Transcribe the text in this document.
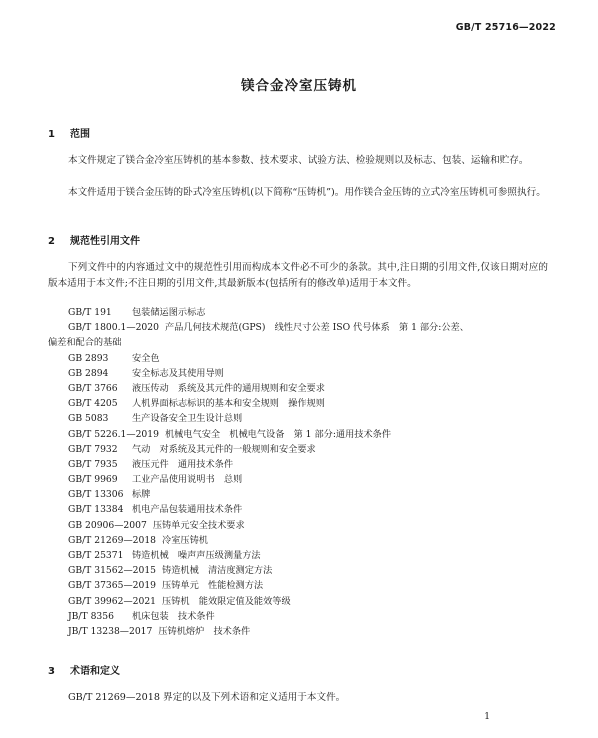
GB/T 25716—2022
镁合金冷室压铸机
1 范围
本文件规定了镁合金冷室压铸机的基本参数、技术要求、试验方法、检验规则以及标志、包装、运输和贮存。
本文件适用于镁合金压铸的卧式冷室压铸机(以下简称“压铸机”)。用作镁合金压铸的立式冷室压铸机可参照执行。
2 规范性引用文件
下列文件中的内容通过文中的规范性引用而构成本文件必不可少的条款。其中,注日期的引用文件,仅该日期对应的版本适用于本文件;不注日期的引用文件,其最新版本(包括所有的修改单)适用于本文件。
GB/T 191 包装储运图示标志
GB/T 1800.1—2020 产品几何技术规范(GPS)　线性尺寸公差 ISO 代号体系　第 1 部分:公差、
偏差和配合的基础
GB 2893	安全色
GB 2894	安全标志及其使用导则
GB/T 3766 液压传动　系统及其元件的通用规则和安全要求
GB/T 4205 人机界面标志标识的基本和安全规则　操作规则
GB 5083	生产设备安全卫生设计总则
GB/T 5226.1—2019 机械电气安全　机械电气设备　第 1 部分:通用技术条件
GB/T 7932 气动　对系统及其元件的一般规则和安全要求
GB/T 7935 液压元件　通用技术条件
GB/T 9969 工业产品使用说明书　总则
GB/T 13306 标牌
GB/T 13384 机电产品包装通用技术条件
GB 20906—2007 压铸单元安全技术要求
GB/T 21269—2018 冷室压铸机
GB/T 25371 铸造机械　噪声声压级测量方法
GB/T 31562—2015 铸造机械　清洁度测定方法
GB/T 37365—2019 压铸单元　性能检测方法
GB/T 39962—2021 压铸机　能效限定值及能效等级
JB/T 8356 机床包装　技术条件
JB/T 13238—2017 压铸机熔炉　技术条件
3 术语和定义
GB/T 21269—2018 界定的以及下列术语和定义适用于本文件。
1
